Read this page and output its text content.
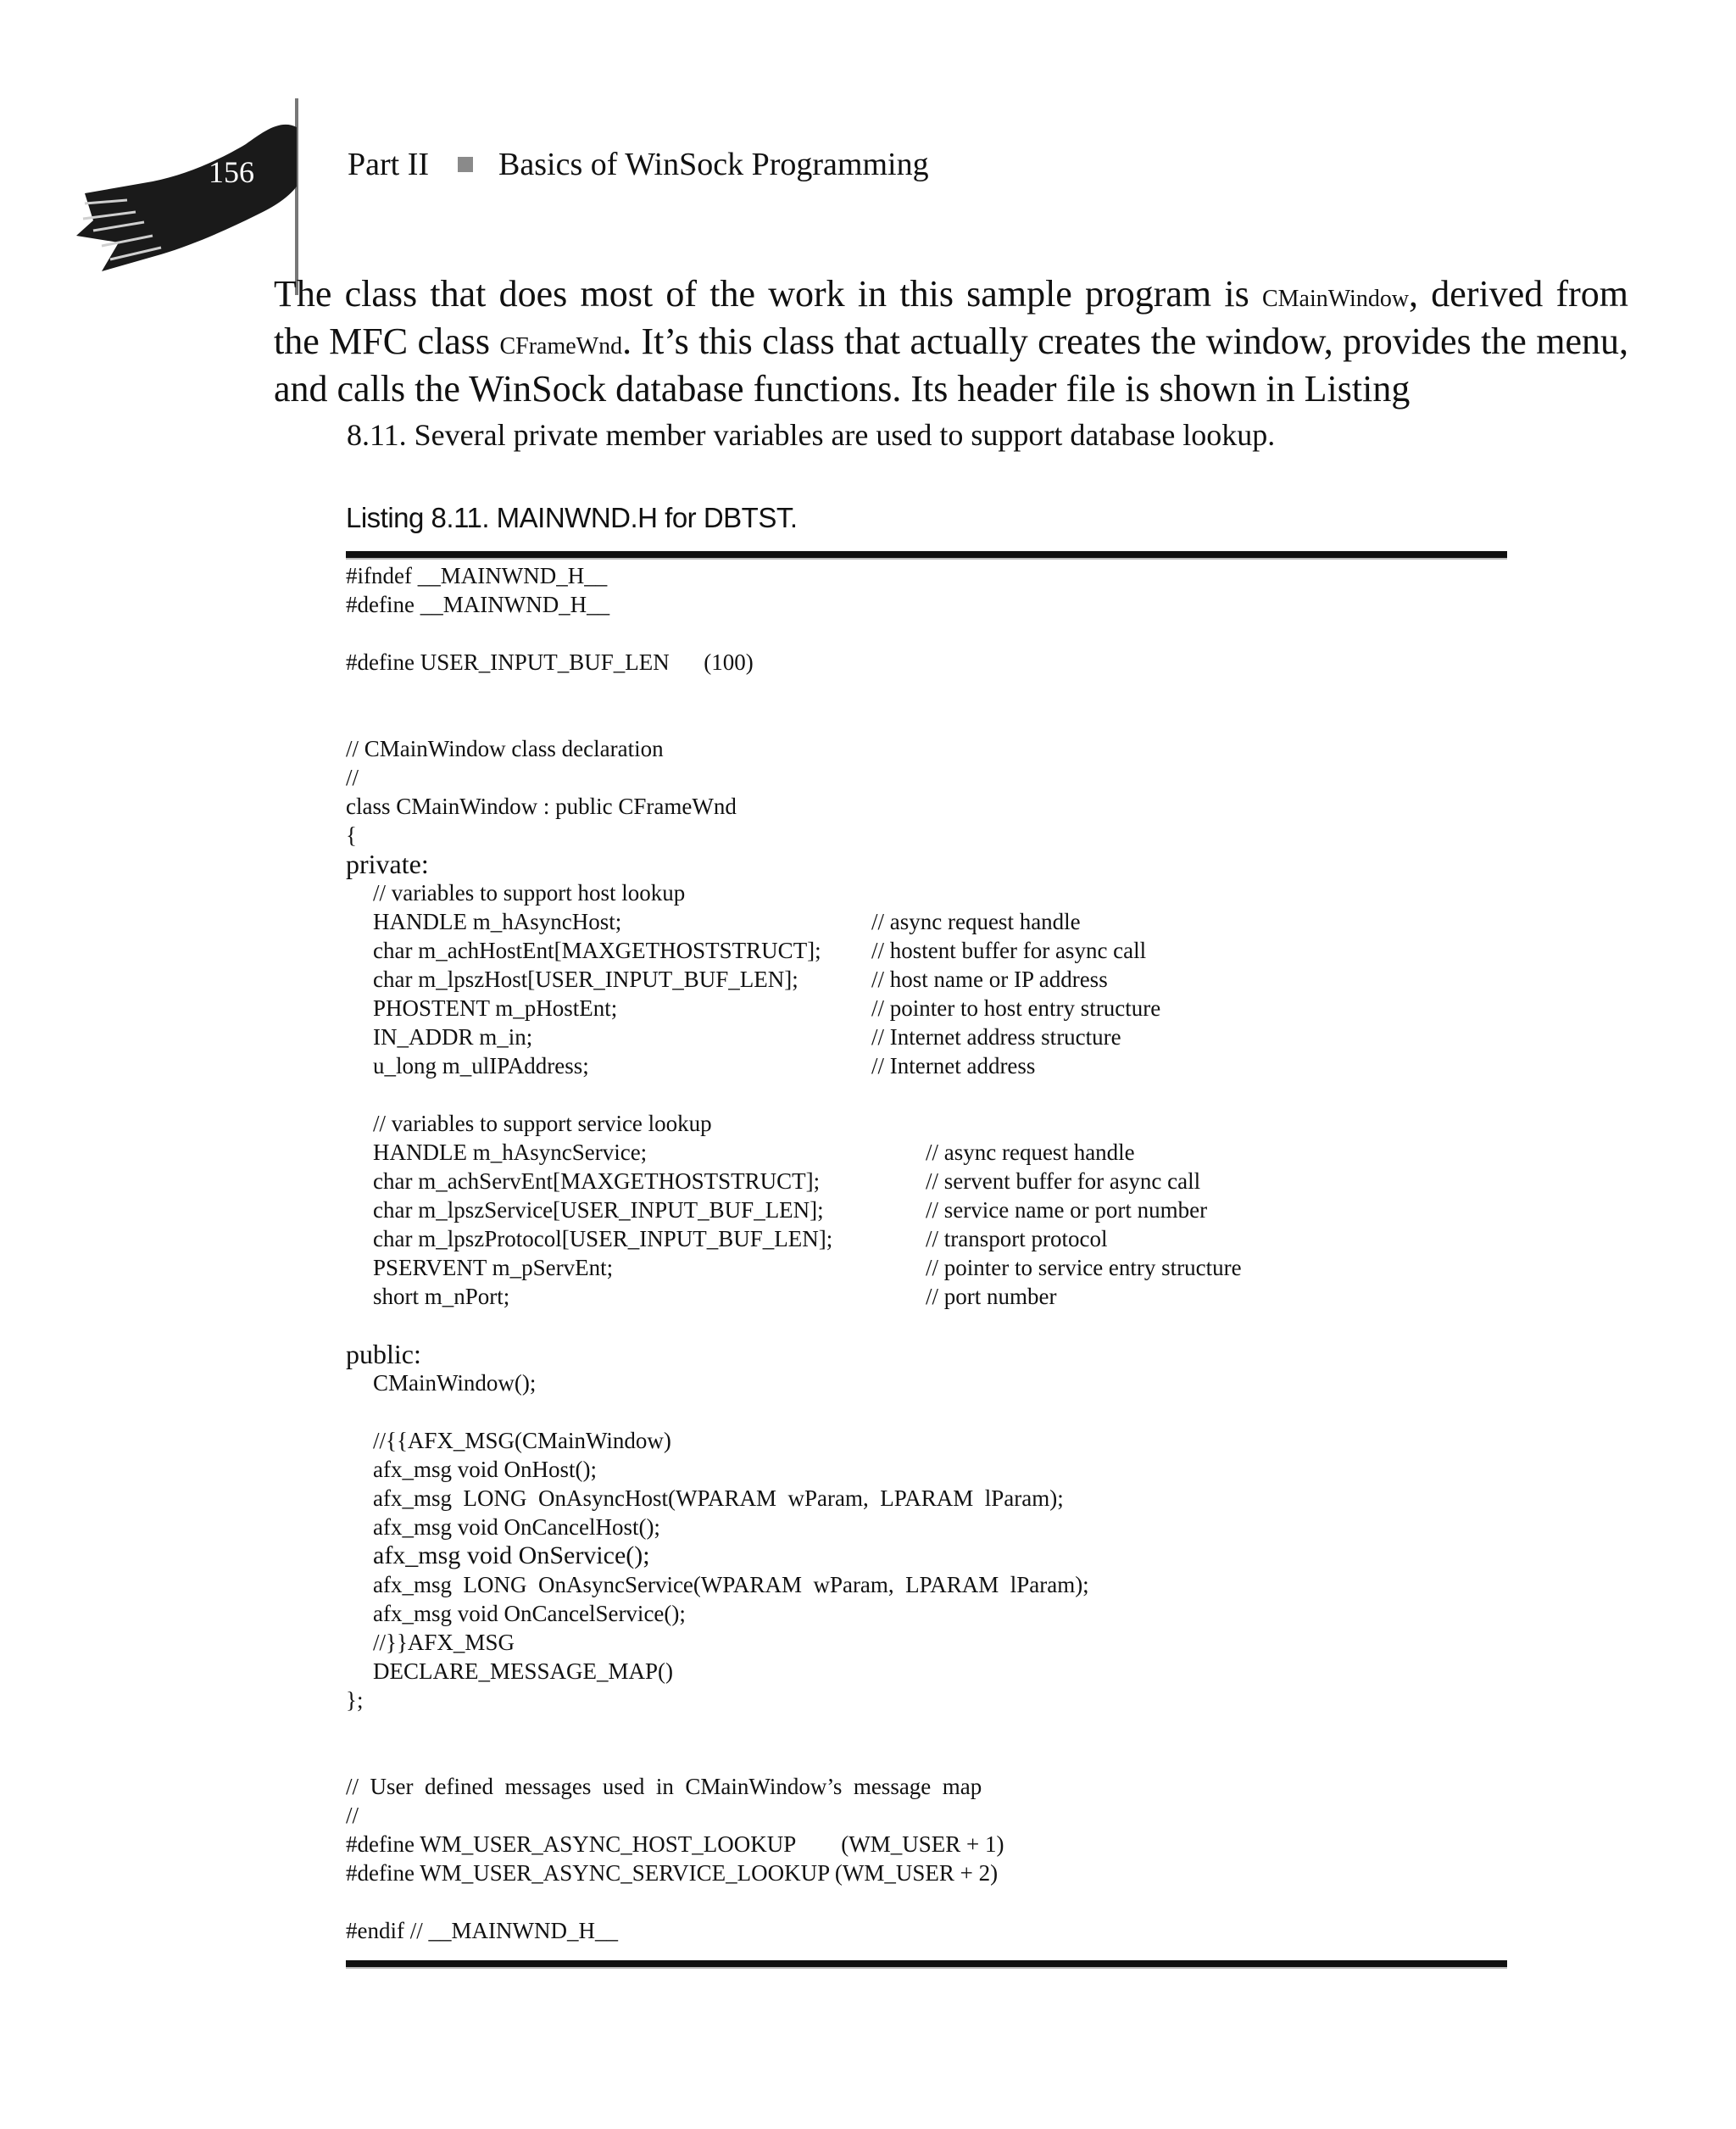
156	Part II Basics of WinSock Programming
The class that does most of the work in this sample program is CMainWindow, derived from the MFC class CFrameWnd. It’s this class that actually creates the window, provides the menu, and calls the WinSock database functions. Its header file is shown in Listing
8.11. Several private member variables are used to support database lookup.
Listing 8.11. MAINWND.H for DBTST.
#ifndef __MAINWND_H__
#define __MAINWND_H__
#define USER_INPUT_BUF_LEN      (100)
// CMainWindow class declaration
//
class CMainWindow : public CFrameWnd
{
private:
// variables to support host lookup
HANDLE m_hAsyncHost;	// async request handle
char m_achHostEnt[MAXGETHOSTSTRUCT]; // hostent buffer for async call
char m_lpszHost[USER_INPUT_BUF_LEN];	// host name or IP address
PHOSTENT m_pHostEnt;	// pointer to host entry structure
IN_ADDR m_in;	// Internet address structure
u_long m_ulIPAddress;	// Internet address
// variables to support service lookup
HANDLE m_hAsyncService;	// async request handle
char m_achServEnt[MAXGETHOSTSTRUCT];	// servent buffer for async call
char m_lpszService[USER_INPUT_BUF_LEN];	// service name or port number
char m_lpszProtocol[USER_INPUT_BUF_LEN];	// transport protocol
PSERVENT m_pServEnt;	// pointer to service entry structure
short m_nPort;	// port number
public:
CMainWindow();
//{{AFX_MSG(CMainWindow)
afx_msg void OnHost();
afx_msg  LONG  OnAsyncHost(WPARAM  wParam,  LPARAM  lParam);
afx_msg void OnCancelHost();
afx_msg void OnService();
afx_msg  LONG  OnAsyncService(WPARAM  wParam,  LPARAM  lParam);
afx_msg void OnCancelService();
//}}AFX_MSG
DECLARE_MESSAGE_MAP()
};
//  User  defined  messages  used  in  CMainWindow’s  message  map
//
#define WM_USER_ASYNC_HOST_LOOKUP        (WM_USER + 1)
#define WM_USER_ASYNC_SERVICE_LOOKUP (WM_USER + 2)
#endif // __MAINWND_H__
